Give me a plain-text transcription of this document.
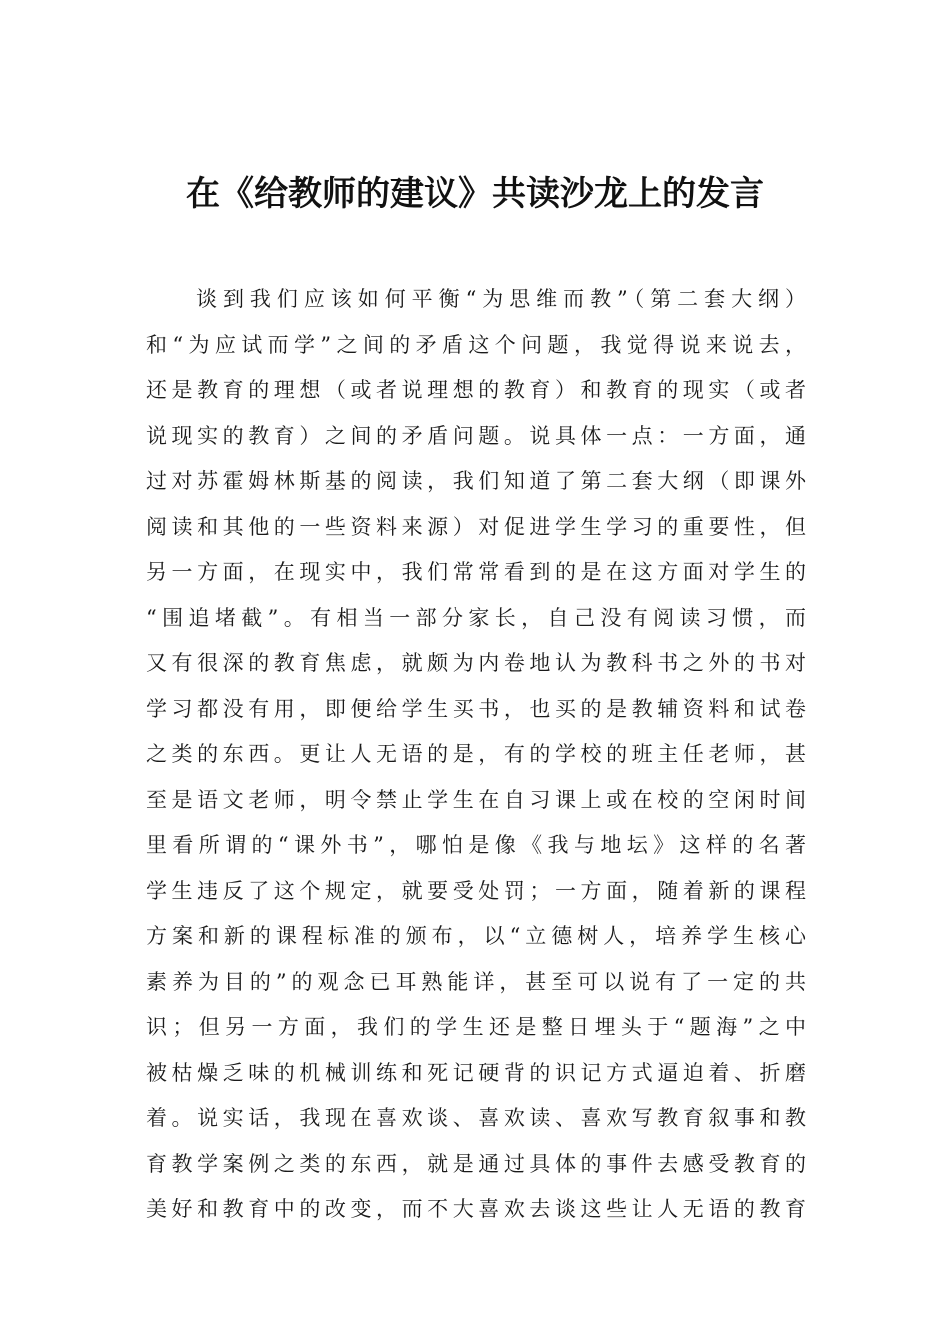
在《给教师的建议》共读沙龙上的发言
谈到我们应该如何平衡“为思维而教”（第二套大纲）
和“为应试而学”之间的矛盾这个问题，我觉得说来说去，
还是教育的理想（或者说理想的教育）和教育的现实（或者
说现实的教育）之间的矛盾问题。说具体一点：一方面，通
过对苏霍姆林斯基的阅读，我们知道了第二套大纲（即课外
阅读和其他的一些资料来源）对促进学生学习的重要性，但
另一方面，在现实中，我们常常看到的是在这方面对学生的
“围追堵截”。有相当一部分家长，自己没有阅读习惯，而
又有很深的教育焦虑，就颇为内卷地认为教科书之外的书对
学习都没有用，即便给学生买书，也买的是教辅资料和试卷
之类的东西。更让人无语的是，有的学校的班主任老师，甚
至是语文老师，明令禁止学生在自习课上或在校的空闲时间
里看所谓的“课外书”，哪怕是像《我与地坛》这样的名著
学生违反了这个规定，就要受处罚；一方面，随着新的课程
方案和新的课程标准的颁布，以“立德树人，培养学生核心
素养为目的”的观念已耳熟能详，甚至可以说有了一定的共
识；但另一方面，我们的学生还是整日埋头于“题海”之中
被枯燥乏味的机械训练和死记硬背的识记方式逼迫着、折磨
着。说实话，我现在喜欢谈、喜欢读、喜欢写教育叙事和教
育教学案例之类的东西，就是通过具体的事件去感受教育的
美好和教育中的改变，而不大喜欢去谈这些让人无语的教育
